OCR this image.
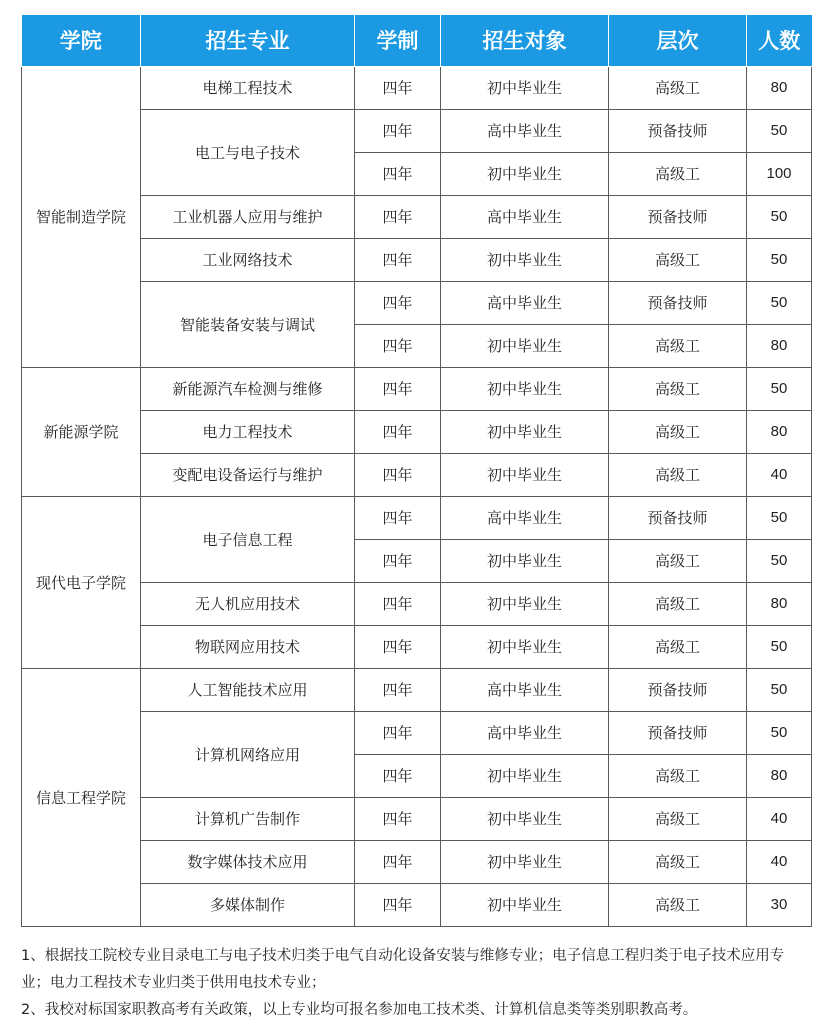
学院	招生专业	学制	招生对象	层次	人数
智能制造学院	电梯工程技术	四年	初中毕业生	高级工	80
	电工与电子技术	四年	高中毕业生	预备技师	50
		四年	初中毕业生	高级工	100
	工业机器人应用与维护	四年	高中毕业生	预备技师	50
	工业网络技术	四年	初中毕业生	高级工	50
	智能装备安装与调试	四年	高中毕业生	预备技师	50
		四年	初中毕业生	高级工	80
新能源学院	新能源汽车检测与维修	四年	初中毕业生	高级工	50
	电力工程技术	四年	初中毕业生	高级工	80
	变配电设备运行与维护	四年	初中毕业生	高级工	40
现代电子学院	电子信息工程	四年	高中毕业生	预备技师	50
		四年	初中毕业生	高级工	50
	无人机应用技术	四年	初中毕业生	高级工	80
	物联网应用技术	四年	初中毕业生	高级工	50
信息工程学院	人工智能技术应用	四年	高中毕业生	预备技师	50
	计算机网络应用	四年	高中毕业生	预备技师	50
		四年	初中毕业生	高级工	80
	计算机广告制作	四年	初中毕业生	高级工	40
	数字媒体技术应用	四年	初中毕业生	高级工	40
	多媒体制作	四年	初中毕业生	高级工	30

1、根据技工院校专业目录电工与电子技术归类于电气自动化设备安装与维修专业；电子信息工程归类于电子技术应用专业；电力工程技术专业归类于供用电技术专业；

2、我校对标国家职教高考有关政策，以上专业均可报名参加电工技术类、计算机信息类等类别职教高考。
